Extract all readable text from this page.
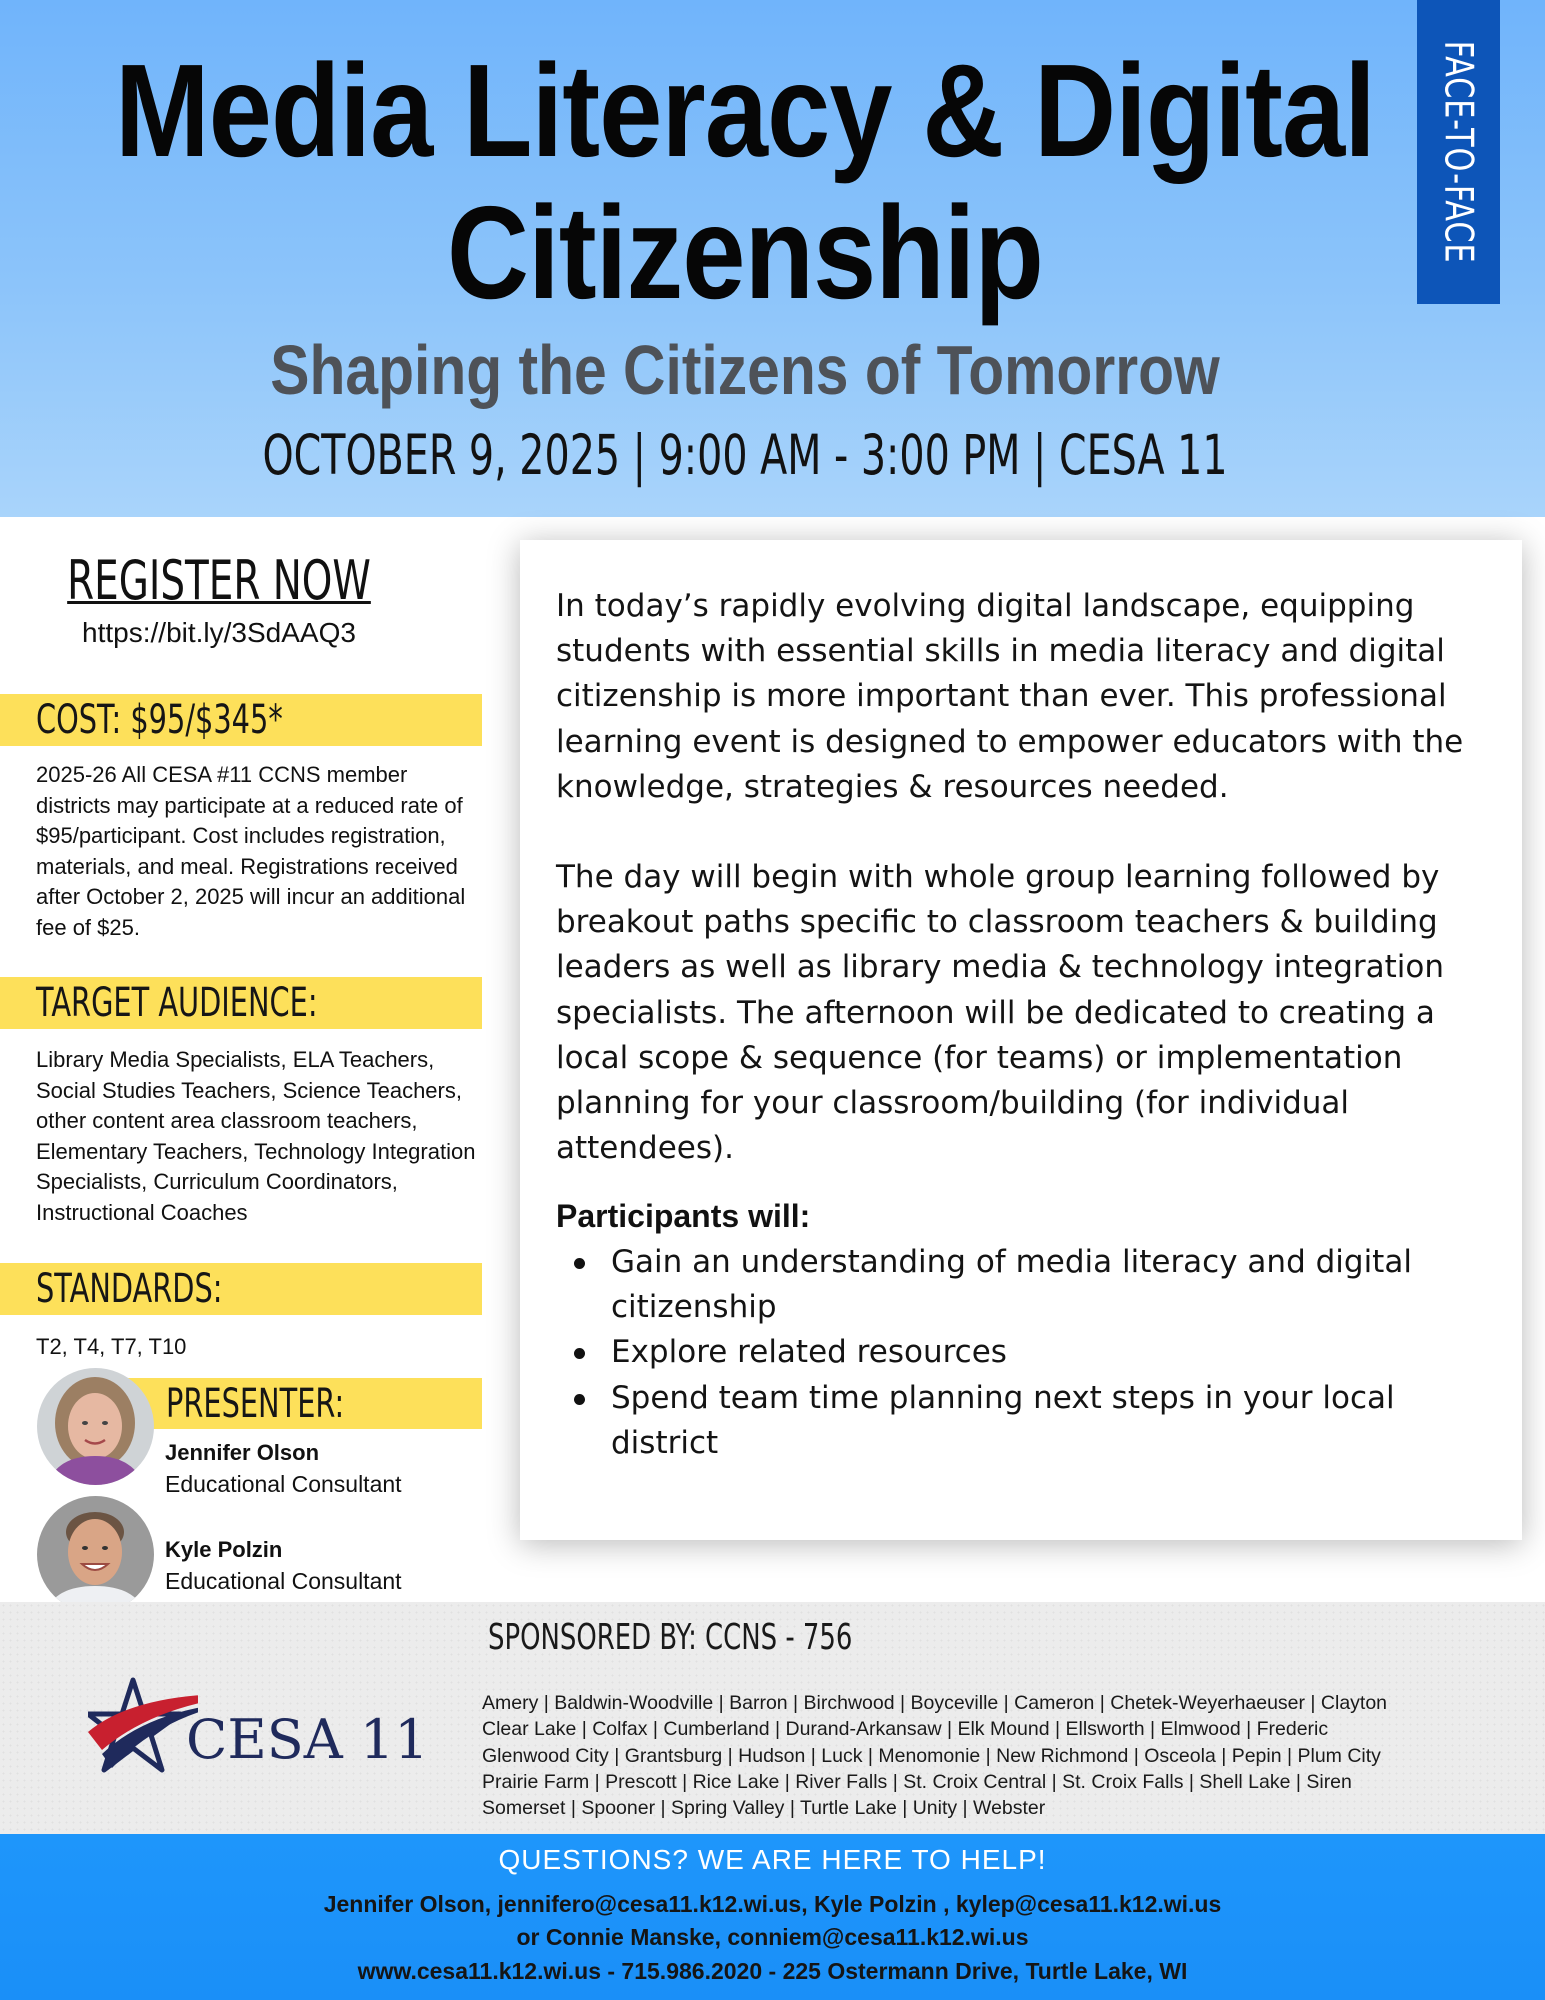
Media Literacy & Digital
Citizenship
Shaping the Citizens of Tomorrow
OCTOBER 9, 2025 | 9:00 AM - 3:00 PM | CESA 11
FACE-TO-FACE
REGISTER NOW
https://bit.ly/3SdAAQ3
COST: $95/$345*
2025-26 All CESA #11 CCNS member districts may participate at a reduced rate of $95/participant. Cost includes registration, materials, and meal. Registrations received after October 2, 2025 will incur an additional fee of $25.
TARGET AUDIENCE:
Library Media Specialists, ELA Teachers, Social Studies Teachers, Science Teachers, other content area classroom teachers, Elementary Teachers, Technology Integration Specialists, Curriculum Coordinators, Instructional Coaches
STANDARDS:
T2, T4, T7, T10
PRESENTER:
Jennifer Olson
Educational Consultant
Kyle Polzin
Educational Consultant
In today’s rapidly evolving digital landscape, equipping students with essential skills in media literacy and digital citizenship is more important than ever. This professional learning event is designed to empower educators with the knowledge, strategies & resources needed.
The day will begin with whole group learning followed by breakout paths specific to classroom teachers & building leaders as well as library media & technology integration specialists. The afternoon will be dedicated to creating a local scope & sequence (for teams) or implementation planning for your classroom/building (for individual attendees).
Participants will:
Gain an understanding of media literacy and digital citizenship
Explore related resources
Spend team time planning next steps in your local district
SPONSORED BY: CCNS - 756
CESA 11
Amery | Baldwin-Woodville | Barron | Birchwood | Boyceville | Cameron | Chetek-Weyerhaeuser | Clayton
Clear Lake | Colfax | Cumberland | Durand-Arkansaw | Elk Mound | Ellsworth | Elmwood | Frederic
Glenwood City | Grantsburg | Hudson | Luck | Menomonie | New Richmond | Osceola | Pepin | Plum City
Prairie Farm | Prescott | Rice Lake | River Falls | St. Croix Central | St. Croix Falls | Shell Lake | Siren
Somerset | Spooner | Spring Valley | Turtle Lake | Unity | Webster
QUESTIONS? WE ARE HERE TO HELP!
Jennifer Olson, jennifero@cesa11.k12.wi.us, Kyle Polzin , kylep@cesa11.k12.wi.us
or Connie Manske, conniem@cesa11.k12.wi.us
www.cesa11.k12.wi.us - 715.986.2020 - 225 Ostermann Drive, Turtle Lake, WI
